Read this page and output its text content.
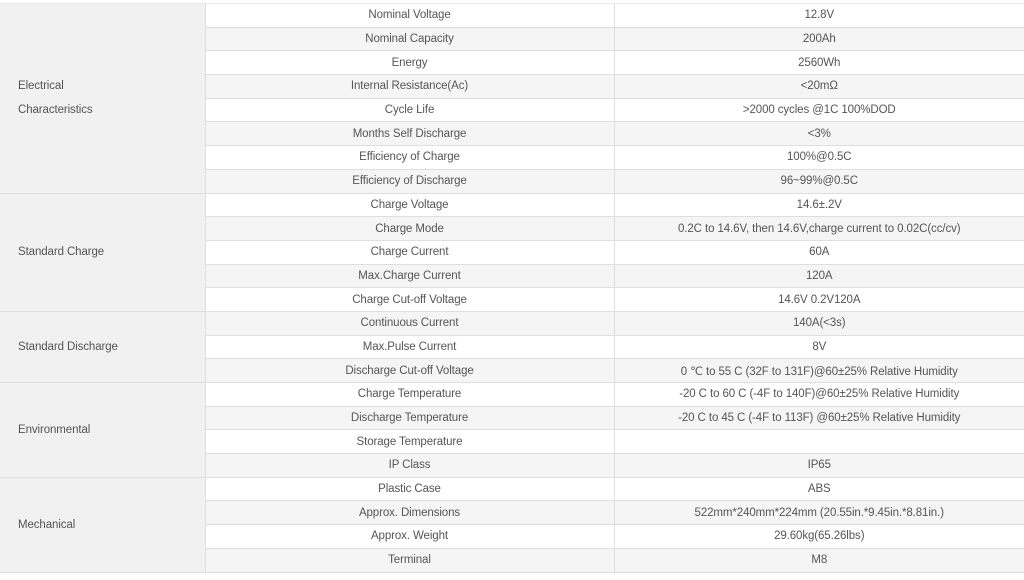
Electrical
Characteristics	Nominal Voltage	12.8V
	Nominal Capacity	200Ah
	Energy	2560Wh
	Internal Resistance(Ac)	<20mΩ
	Cycle Life	>2000 cycles @1C 100%DOD
	Months Self Discharge	<3%
	Efficiency of Charge	100%@0.5C
	Efficiency of Discharge	96~99%@0.5C
Standard Charge	Charge Voltage	14.6±.2V
	Charge Mode	0.2C to 14.6V, then 14.6V,charge current to 0.02C(cc/cv)
	Charge Current	60A
	Max.Charge Current	120A
	Charge Cut-off Voltage	14.6V 0.2V120A
Standard Discharge	Continuous Current	140A(<3s)
	Max.Pulse Current	8V
	Discharge Cut-off Voltage	0 ℃ to 55 C (32F to 131F)@60±25% Relative Humidity
Environmental	Charge Temperature	-20 C to 60 C (-4F to 140F)@60±25% Relative Humidity
	Discharge Temperature	-20 C to 45 C (-4F to 113F) @60±25% Relative Humidity
	Storage Temperature	
	IP Class	IP65
Mechanical	Plastic Case	ABS
	Approx. Dimensions	522mm*240mm*224mm (20.55in.*9.45in.*8.81in.)
	Approx. Weight	29.60kg(65.26lbs)
	Terminal	M8
